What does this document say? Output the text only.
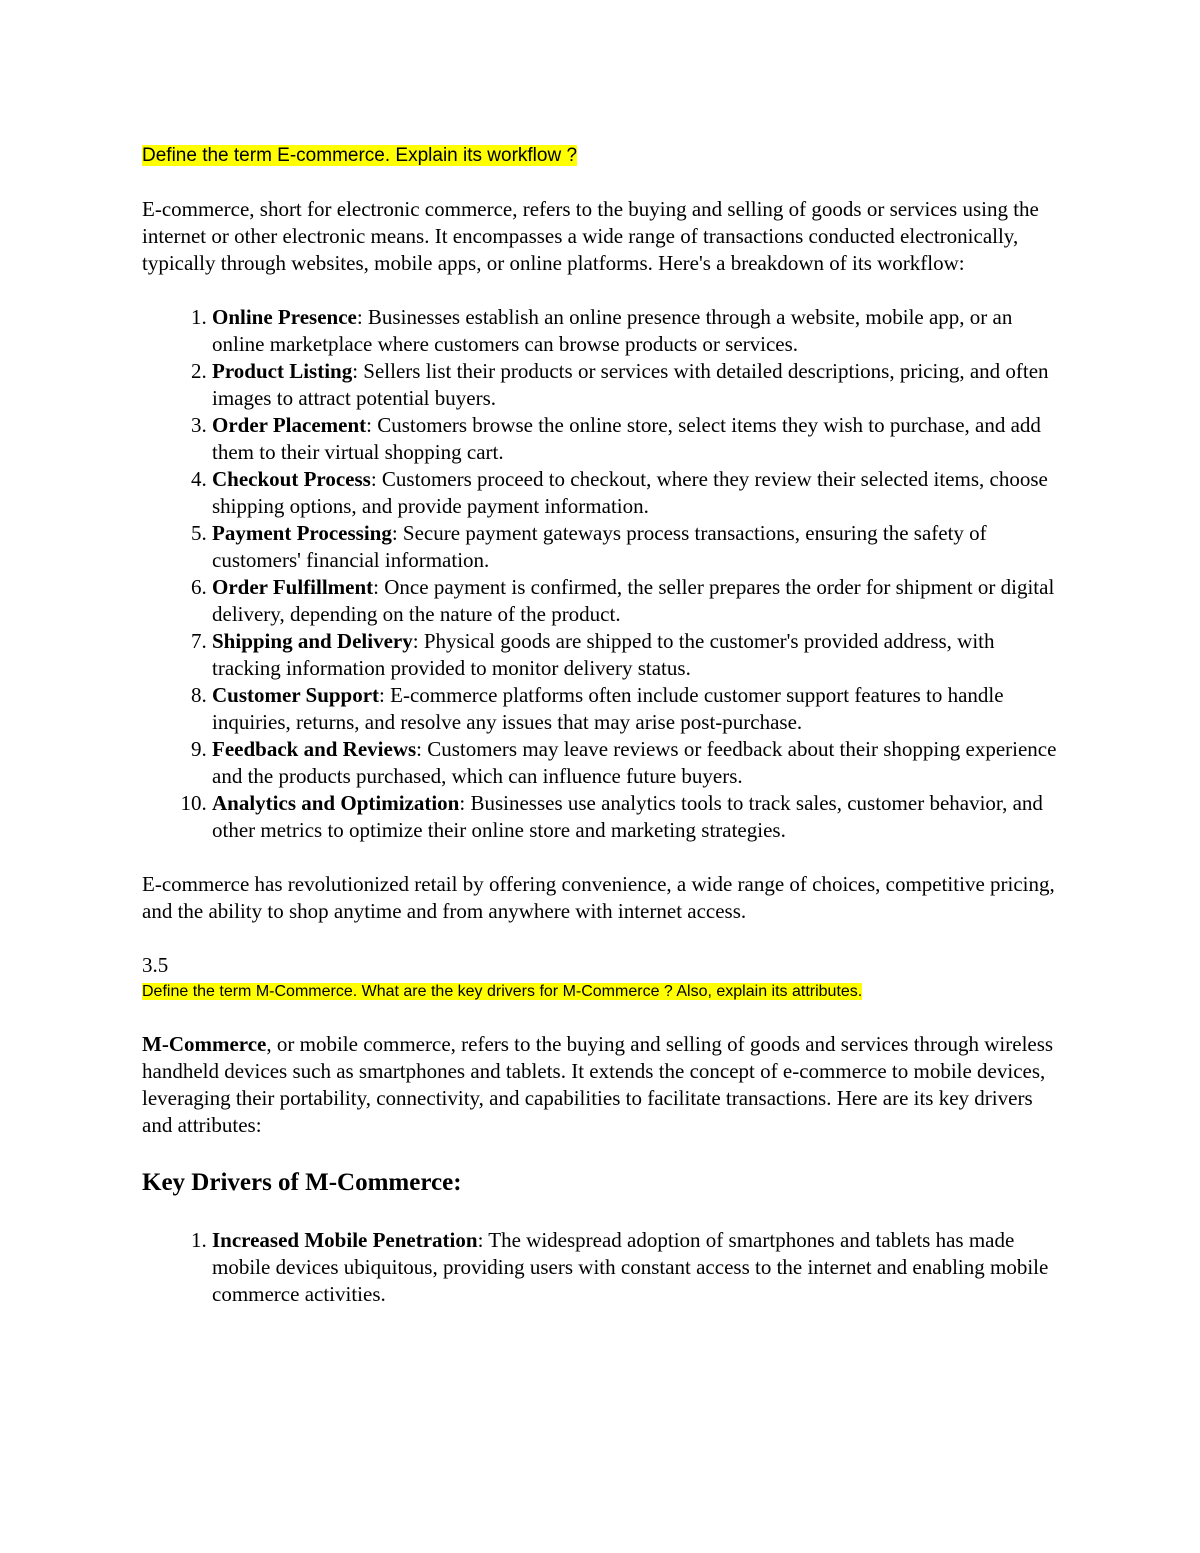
Define the term E-commerce. Explain its workflow ?

E-commerce, short for electronic commerce, refers to the buying and selling of goods or services using the internet or other electronic means. It encompasses a wide range of transactions conducted electronically, typically through websites, mobile apps, or online platforms. Here's a breakdown of its workflow:

1. Online Presence: Businesses establish an online presence through a website, mobile app, or an online marketplace where customers can browse products or services.
2. Product Listing: Sellers list their products or services with detailed descriptions, pricing, and often images to attract potential buyers.
3. Order Placement: Customers browse the online store, select items they wish to purchase, and add them to their virtual shopping cart.
4. Checkout Process: Customers proceed to checkout, where they review their selected items, choose shipping options, and provide payment information.
5. Payment Processing: Secure payment gateways process transactions, ensuring the safety of customers' financial information.
6. Order Fulfillment: Once payment is confirmed, the seller prepares the order for shipment or digital delivery, depending on the nature of the product.
7. Shipping and Delivery: Physical goods are shipped to the customer's provided address, with tracking information provided to monitor delivery status.
8. Customer Support: E-commerce platforms often include customer support features to handle inquiries, returns, and resolve any issues that may arise post-purchase.
9. Feedback and Reviews: Customers may leave reviews or feedback about their shopping experience and the products purchased, which can influence future buyers.
10. Analytics and Optimization: Businesses use analytics tools to track sales, customer behavior, and other metrics to optimize their online store and marketing strategies.

E-commerce has revolutionized retail by offering convenience, a wide range of choices, competitive pricing, and the ability to shop anytime and from anywhere with internet access.

3.5
Define the term M-Commerce. What are the key drivers for M-Commerce ? Also, explain its attributes.

M-Commerce, or mobile commerce, refers to the buying and selling of goods and services through wireless handheld devices such as smartphones and tablets. It extends the concept of e-commerce to mobile devices, leveraging their portability, connectivity, and capabilities to facilitate transactions. Here are its key drivers and attributes:

Key Drivers of M-Commerce:
1. Increased Mobile Penetration: The widespread adoption of smartphones and tablets has made mobile devices ubiquitous, providing users with constant access to the internet and enabling mobile commerce activities.
